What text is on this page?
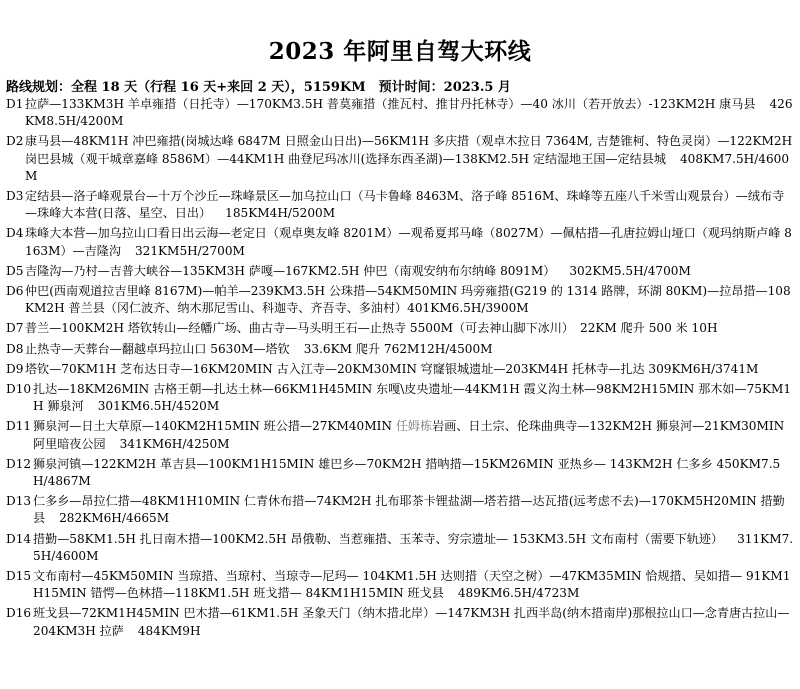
2023 年阿里自驾大环线
路线规划：全程 18 天（行程 16 天+来回 2 天），5159KM　预计时间：2023.5 月
D1 拉萨—133KM3H 羊卓雍措（日托寺）—170KM3.5H 普莫雍措（推瓦村、推甘丹托林寺）—40 冰川（若开放去）-123KM2H 康马县 426KM8.5H/4200M
D2 康马县—48KM1H 冲巴雍措(岗城达峰 6847M 日照金山日出)—56KM1H 多庆措（观卓木拉日 7364M, 吉楚锥柯、特色灵岗）—122KM2H 岗巴县城（观干城章嘉峰 8586M）—44KM1H 曲登尼玛冰川(选择东西圣湖)—138KM2.5H 定结湿地王国—定结县城 408KM7.5H/4600M
D3 定结县—洛子峰观景台—十万个沙丘—珠峰景区—加乌拉山口（马卡鲁峰 8463M、洛子峰 8516M、珠峰等五座八千米雪山观景台）—绒布寺—珠峰大本营(日落、星空、日出） 185KM4H/5200M
D4 珠峰大本营—加乌拉山口看日出云海—老定日（观卓奥友峰 8201M）—观希夏邦马峰（8027M）—佩枯措—孔唐拉姆山垭口（观玛纳斯卢峰 8163M）—吉隆沟 321KM5H/2700M
D5 吉隆沟—乃村—吉普大峡谷—135KM3H 萨嘎—167KM2.5H 仲巴（南观安纳布尔纳峰 8091M） 302KM5.5H/4700M
D6 仲巴(西南观道拉吉里峰 8167M)—帕羊—239KM3.5H 公珠措—54KM50MIN 玛旁雍措(G219 的 1314 路牌，环湖 80KM)—拉昂措—108KM2H 普兰县（冈仁波齐、纳木那尼雪山、科迦寺、齐吾寺、多油村）401KM6.5H/3900M
D7 普兰—100KM2H 塔钦转山—经幡广场、曲古寺—马头明王石—止热寺 5500M（可去神山脚下冰川）　22KM 爬升 500 米 10H
D8 止热寺—天葬台—翻越卓玛拉山口 5630M—塔钦 33.6KM 爬升 762M12H/4500M
D9 塔钦—70KM1H 芝布达日寺—16KM20MIN 古入江寺—20KM30MIN 穹窿银城遗址—203KM4H 托林寺—扎达 309KM6H/3741M
D10 扎达—18KM26MIN 古格王朝—扎达土林—66KM1H45MIN 东嘎\皮央遗址—44KM1H 霞义沟土林—98KM2H15MIN 那木如—75KM1H 狮泉河 301KM6.5H/4520M
D11 狮泉河—日土大草原—140KM2H15MIN 班公措—27KM40MIN 任姆栋岩画、日土宗、伦珠曲典寺—132KM2H 狮泉河—21KM30MIN 阿里暗夜公园 341KM6H/4250M
D12 狮泉河镇—122KM2H 革吉县—100KM1H15MIN 雄巴乡—70KM2H 措呐措—15KM26MIN 亚热乡— 143KM2H 仁多乡 450KM7.5H/4867M
D13 仁多乡—昂拉仁措—48KM1H10MIN 仁青休布措—74KM2H 扎布耶茶卡锂盐湖—塔若措—达瓦措(远考虑不去)—170KM5H20MIN 措勤县 282KM6H/4665M
D14 措勤—58KM1.5H 扎日南木措—100KM2.5H 昂俄勒、当惹雍措、玉苯寺、穷宗遗址— 153KM3.5H 文布南村（需要下轨迹） 311KM7.5H/4600M
D15 文布南村—45KM50MIN 当琼措、当琼村、当琼寺—尼玛— 104KM1.5H 达则措（天空之树）—47KM35MIN 恰规措、吴如措— 91KM1H15MIN 错愕—色林措—118KM1.5H 班戈措— 84KM1H15MIN 班戈县 489KM6.5H/4723M
D16 班戈县—72KM1H45MIN 巴木措—61KM1.5H 圣象天门（纳木措北岸）—147KM3H 扎西半岛(纳木措南岸)那根拉山口—念青唐古拉山—204KM3H 拉萨 484KM9H
